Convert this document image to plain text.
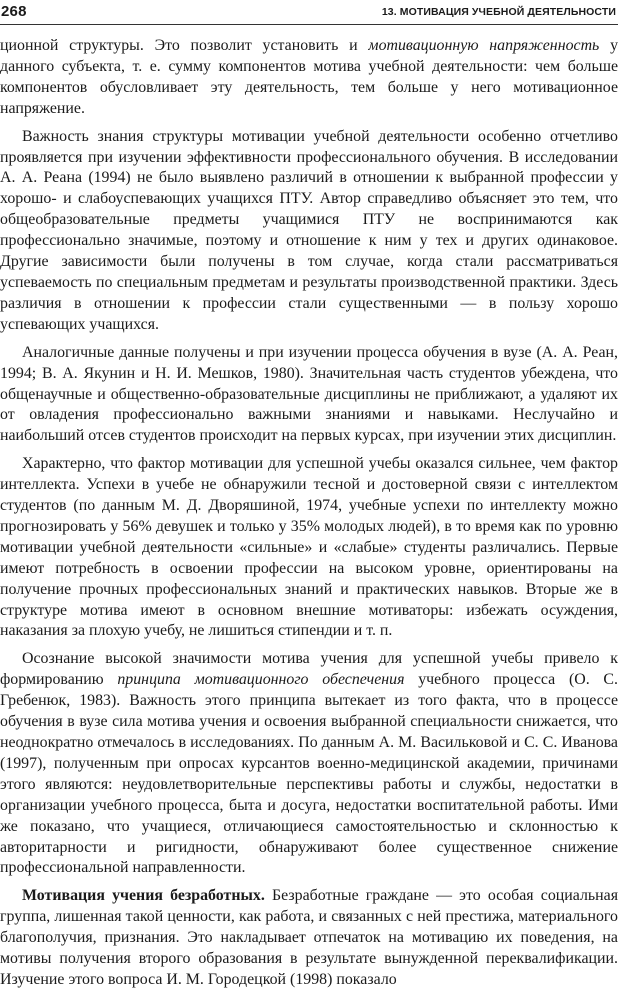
268	13. МОТИВАЦИЯ УЧЕБНОЙ ДЕЯТЕЛЬНОСТИ

ционной структуры. Это позволит установить и мотивационную напряженность у данного субъекта, т. е. сумму компонентов мотива учебной деятельности: чем больше компонентов обусловливает эту деятельность, тем больше у него мотивационное напряжение.

Важность знания структуры мотивации учебной деятельности особенно отчетливо проявляется при изучении эффективности профессионального обучения. В исследовании А. А. Реана (1994) не было выявлено различий в отношении к выбранной профессии у хорошо- и слабоуспевающих учащихся ПТУ. Автор справедливо объясняет это тем, что общеобразовательные предметы учащимися ПТУ не воспринимаются как профессионально значимые, поэтому и отношение к ним у тех и других одинаковое. Другие зависимости были получены в том случае, когда стали рассматриваться успеваемость по специальным предметам и результаты производственной практики. Здесь различия в отношении к профессии стали существенными — в пользу хорошо успевающих учащихся.

Аналогичные данные получены и при изучении процесса обучения в вузе (А. А. Реан, 1994; В. А. Якунин и Н. И. Мешков, 1980). Значительная часть студентов убеждена, что общенаучные и общественно-образовательные дисциплины не приближают, а удаляют их от овладения профессионально важными знаниями и навыками. Неслучайно и наибольший отсев студентов происходит на первых курсах, при изучении этих дисциплин.

Характерно, что фактор мотивации для успешной учебы оказался сильнее, чем фактор интеллекта. Успехи в учебе не обнаружили тесной и достоверной связи с интеллектом студентов (по данным М. Д. Дворяшиной, 1974, учебные успехи по интеллекту можно прогнозировать у 56% девушек и только у 35% молодых людей), в то время как по уровню мотивации учебной деятельности «сильные» и «слабые» студенты различались. Первые имеют потребность в освоении профессии на высоком уровне, ориентированы на получение прочных профессиональных знаний и практических навыков. Вторые же в структуре мотива имеют в основном внешние мотиваторы: избежать осуждения, наказания за плохую учебу, не лишиться стипендии и т. п.

Осознание высокой значимости мотива учения для успешной учебы привело к формированию принципа мотивационного обеспечения учебного процесса (О. С. Гребенюк, 1983). Важность этого принципа вытекает из того факта, что в процессе обучения в вузе сила мотива учения и освоения выбранной специальности снижается, что неоднократно отмечалось в исследованиях. По данным А. М. Васильковой и С. С. Иванова (1997), полученным при опросах курсантов военно-медицинской академии, причинами этого являются: неудовлетворительные перспективы работы и службы, недостатки в организации учебного процесса, быта и досуга, недостатки воспитательной работы. Ими же показано, что учащиеся, отличающиеся самостоятельностью и склонностью к авторитарности и ригидности, обнаруживают более существенное снижение профессиональной направленности.

Мотивация учения безработных. Безработные граждане — это особая социальная группа, лишенная такой ценности, как работа, и связанных с ней престижа, материального благополучия, признания. Это накладывает отпечаток на мотивацию их поведения, на мотивы получения второго образования в результате вынужденной переквалификации. Изучение этого вопроса И. М. Городецкой (1998) показало
